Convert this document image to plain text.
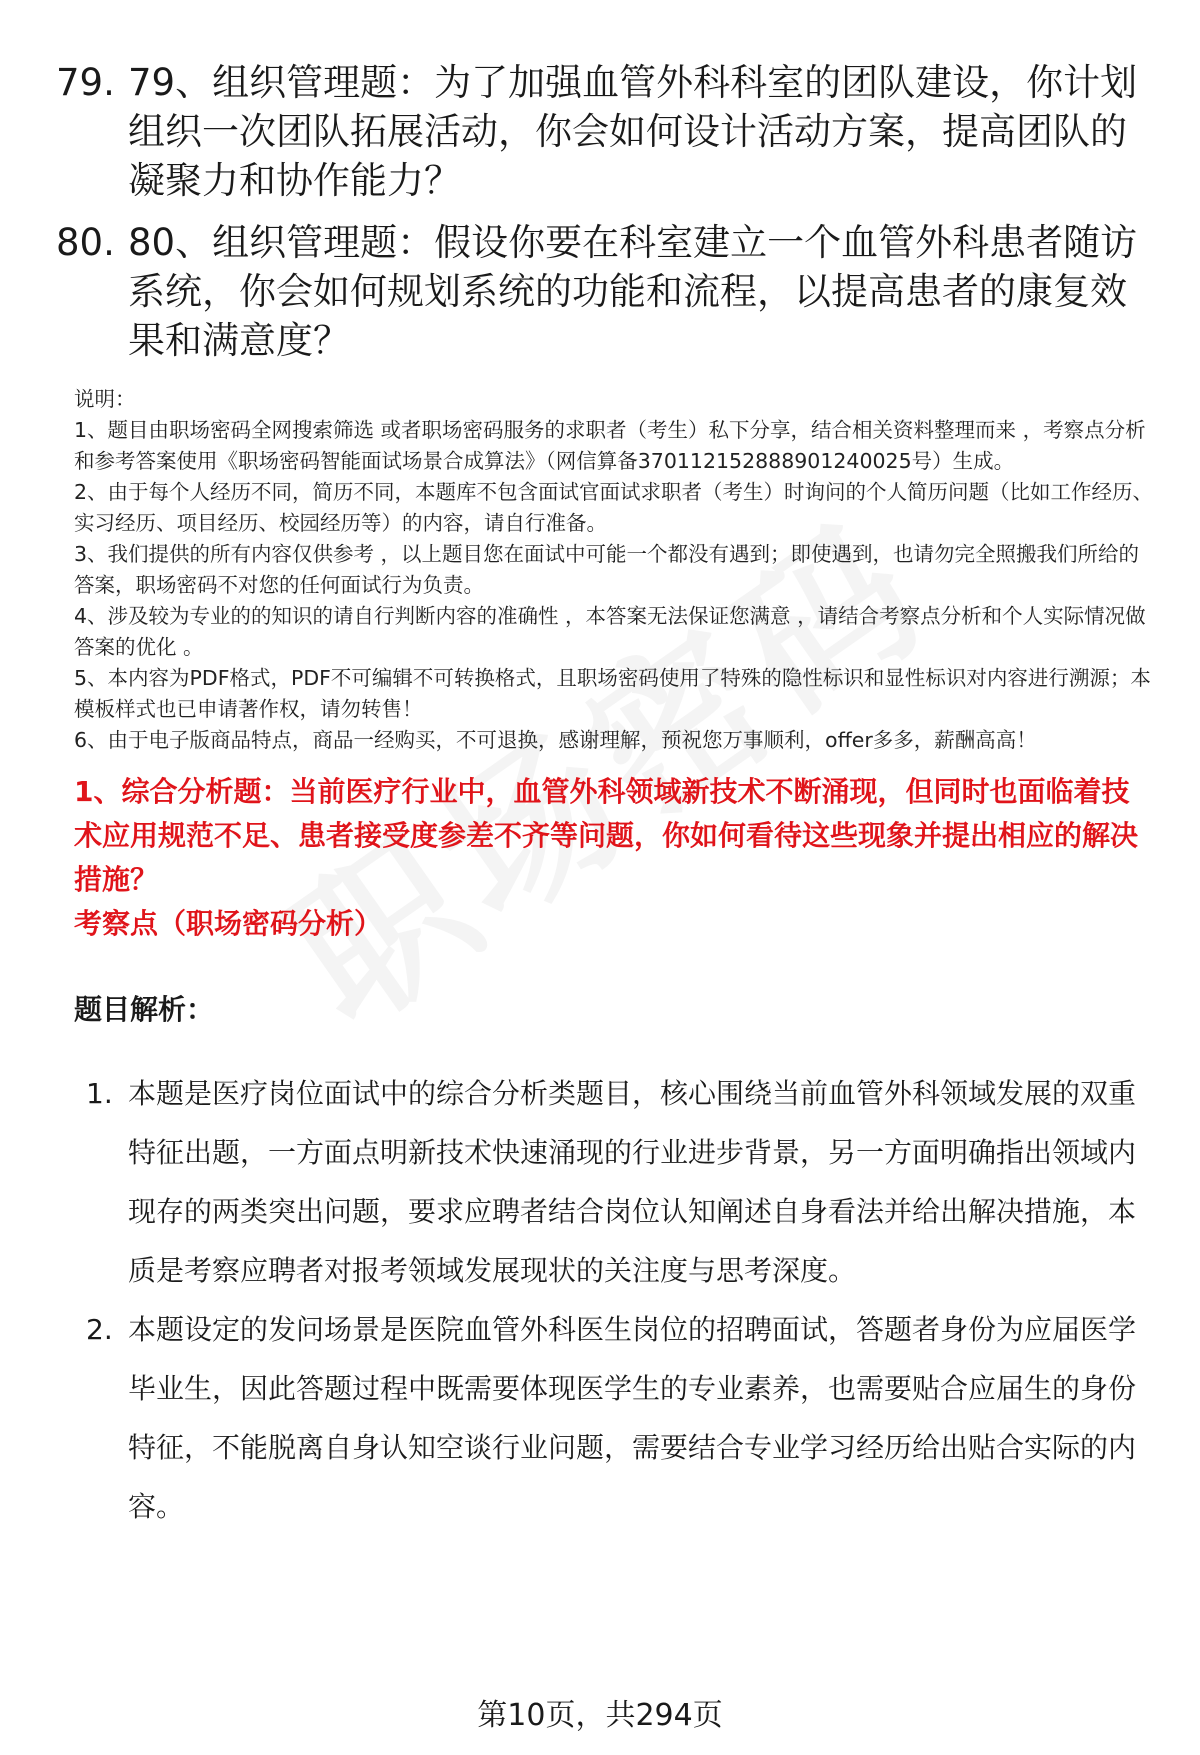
79. 79、组织管理题：为了加强血管外科科室的团队建设，你计划组织一次团队拓展活动，你会如何设计活动方案，提高团队的凝聚力和协作能力？
80. 80、组织管理题：假设你要在科室建立一个血管外科患者随访系统，你会如何规划系统的功能和流程，以提高患者的康复效果和满意度？

说明：

1、题目由职场密码全网搜索筛选 或者职场密码服务的求职者（考生）私下分享，结合相关资料整理而来 ，考察点分析和参考答案使用《职场密码智能面试场景合成算法》（网信算备370112152888901240025号）生成。

2、由于每个人经历不同，简历不同，本题库不包含面试官面试求职者（考生）时询问的个人简历问题（比如工作经历、实习经历、项目经历、校园经历等）的内容，请自行准备。

3、我们提供的所有内容仅供参考 ，以上题目您在面试中可能一个都没有遇到；即使遇到，也请勿完全照搬我们所给的答案，职场密码不对您的任何面试行为负责。

4、涉及较为专业的的知识的请自行判断内容的准确性 ，本答案无法保证您满意 ，请结合考察点分析和个人实际情况做答案的优化 。

5、本内容为PDF格式，PDF不可编辑不可转换格式，且职场密码使用了特殊的隐性标识和显性标识对内容进行溯源；本模板样式也已申请著作权，请勿转售！

6、由于电子版商品特点，商品一经购买，不可退换，感谢理解，预祝您万事顺利，offer多多，薪酬高高！

1、综合分析题：当前医疗行业中，血管外科领域新技术不断涌现，但同时也面临着技术应用规范不足、患者接受度参差不齐等问题，你如何看待这些现象并提出相应的解决措施？
考察点（职场密码分析）
题目解析：
1. 本题是医疗岗位面试中的综合分析类题目，核心围绕当前血管外科领域发展的双重特征出题，一方面点明新技术快速涌现的行业进步背景，另一方面明确指出领域内现存的两类突出问题，要求应聘者结合岗位认知阐述自身看法并给出解决措施，本质是考察应聘者对报考领域发展现状的关注度与思考深度。
2. 本题设定的发问场景是医院血管外科医生岗位的招聘面试，答题者身份为应届医学毕业生，因此答题过程中既需要体现医学生的专业素养，也需要贴合应届生的身份特征，不能脱离自身认知空谈行业问题，需要结合专业学习经历给出贴合实际的内容。
第10页，共294页
